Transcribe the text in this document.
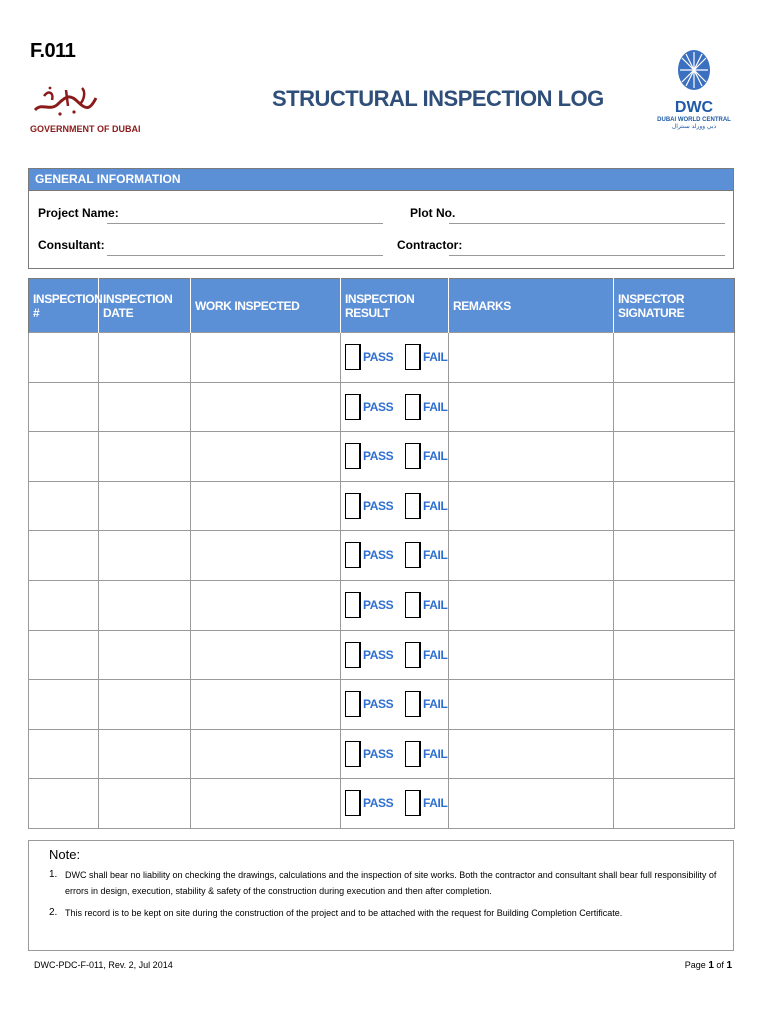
F.011
GOVERNMENT OF DUBAI
STRUCTURAL INSPECTION LOG	DWC
DUBAI WORLD CENTRAL
دبي وورلد سنترال
GENERAL INFORMATION
Project Name:	Plot No.
Consultant:	Contractor:
INSPECTION #	INSPECTION DATE	WORK INSPECTED	INSPECTION RESULT	REMARKS	INSPECTOR SIGNATURE

			PASS FAIL		

			PASS FAIL		

			PASS FAIL		

			PASS FAIL		

			PASS FAIL		

			PASS FAIL		

			PASS FAIL		

			PASS FAIL		

			PASS FAIL		

			PASS FAIL		

Note:
1. DWC shall bear no liability on checking the drawings, calculations and the inspection of site works. Both the contractor and consultant shall bear full responsibility of errors in design, execution, stability & safety of the construction during execution and then after completion.
2. This record is to be kept on site during the construction of the project and to be attached with the request for Building Completion Certificate.
DWC-PDC-F-011, Rev. 2, Jul 2014	Page 1 of 1
